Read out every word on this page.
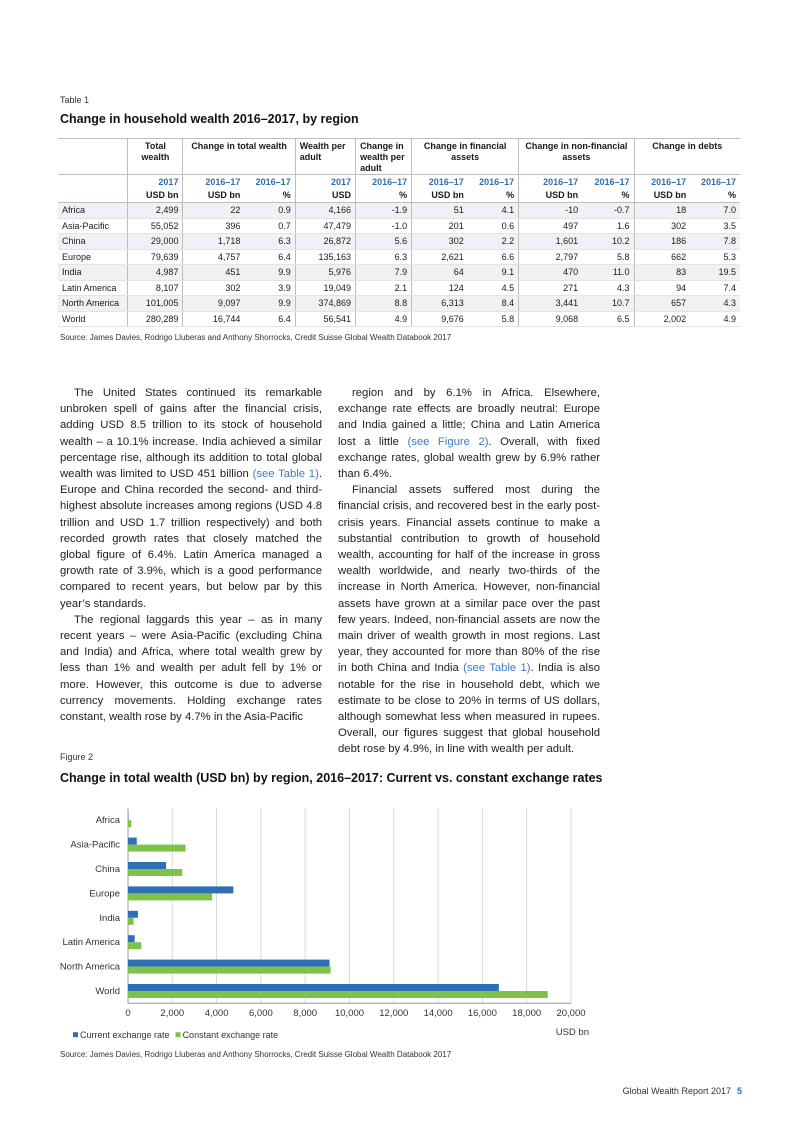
Table 1
Change in household wealth 2016–2017, by region
	Total wealth	Change in total wealth		Wealth per adult	Change in wealth per adult	Change in financial assets		Change in non-financial assets		Change in debts	
	2017	2016–17	2016–17	2017	2016–17	2016–17	2016–17	2016–17	2016–17	2016–17	2016–17
	USD bn	USD bn	%	USD	%	USD bn	%	USD bn	%	USD bn	%
Africa	2,499	22	0.9	4,166	-1.9	51	4.1	-10	-0.7	18	7.0
Asia-Pacific	55,052	396	0.7	47,479	-1.0	201	0.6	497	1.6	302	3.5
China	29,000	1,718	6.3	26,872	5.6	302	2.2	1,601	10.2	186	7.8
Europe	79,639	4,757	6.4	135,163	6.3	2,621	6.6	2,797	5.8	662	5.3
India	4,987	451	9.9	5,976	7.9	64	9.1	470	11.0	83	19.5
Latin America	8,107	302	3.9	19,049	2.1	124	4.5	271	4.3	94	7.4
North America	101,005	9,097	9.9	374,869	8.8	6,313	8.4	3,441	10.7	657	4.3
World	280,289	16,744	6.4	56,541	4.9	9,676	5.8	9,068	6.5	2,002	4.9
Source: James Davies, Rodrigo Lluberas and Anthony Shorrocks, Credit Suisse Global Wealth Databook 2017

The United States continued its remarkable unbroken spell of gains after the financial crisis, adding USD 8.5 trillion to its stock of household wealth – a 10.1% increase. India achieved a similar percentage rise, although its addition to total global wealth was limited to USD 451 billion (see Table 1). Europe and China recorded the second- and third-highest absolute increases among regions (USD 4.8 trillion and USD 1.7 trillion respectively) and both recorded growth rates that closely matched the global figure of 6.4%. Latin America managed a growth rate of 3.9%, which is a good performance compared to recent years, but below par by this year’s standards.

The regional laggards this year – as in many recent years – were Asia-Pacific (excluding China and India) and Africa, where total wealth grew by less than 1% and wealth per adult fell by 1% or more. However, this outcome is due to adverse currency movements. Holding exchange rates constant, wealth rose by 4.7% in the Asia-Pacific

region and by 6.1% in Africa. Elsewhere, exchange rate effects are broadly neutral: Europe and India gained a little; China and Latin America lost a little (see Figure 2). Overall, with fixed exchange rates, global wealth grew by 6.9% rather than 6.4%.

Financial assets suffered most during the financial crisis, and recovered best in the early post-crisis years. Financial assets continue to make a substantial contribution to growth of household wealth, accounting for half of the increase in gross wealth worldwide, and nearly two-thirds of the increase in North America. However, non-financial assets have grown at a similar pace over the past few years. Indeed, non-financial assets are now the main driver of wealth growth in most regions. Last year, they accounted for more than 80% of the rise in both China and India (see Table 1). India is also notable for the rise in household debt, which we estimate to be close to 20% in terms of US dollars, although somewhat less when measured in rupees. Overall, our figures suggest that global household debt rose by 4.9%, in line with wealth per adult.

Figure 2
Change in total wealth (USD bn) by region, 2016–2017: Current vs. constant exchange rates
0	2,000 4,000 6,000 8,000 10,000 12,000 14,000 16,000 18,000 20,000
Africa
Asia-Pacific
China
Europe
India
Latin America
North America
World
USD bn
Current exchange rate Constant exchange rate
Source: James Davies, Rodrigo Lluberas and Anthony Shorrocks, Credit Suisse Global Wealth Databook 2017
Global Wealth Report 2017 5
